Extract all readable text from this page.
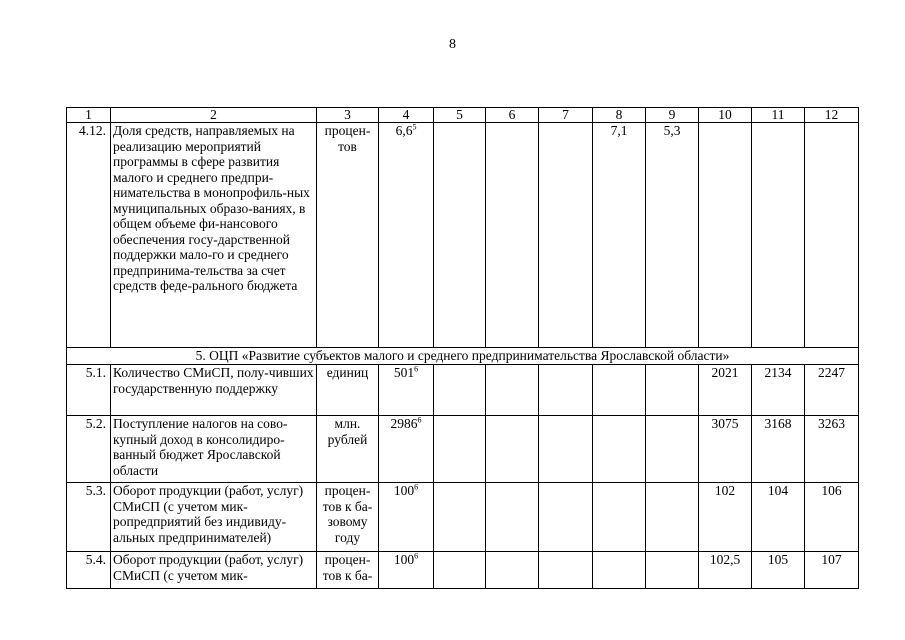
8
1	2	3	4	5	6	7	8	9	10	11	12
4.12.	Доля средств, направляемых на реализацию мероприятий программы в сфере развития малого и среднего предпри-нимательства в монопрофиль-ных муниципальных образо-ваниях, в общем объеме фи-нансового обеспечения госу-дарственной поддержки мало-го и среднего предпринима-тельства за счет средств феде-рального бюджета	процен-тов	$6,6^5$				7,1	5,3			
5. ОЦП «Развитие субъектов малого и среднего предпринимательства Ярославской области»											
5.1.	Количество СМиСП, полу-чивших государственную поддержку	единиц	$501^6$						2021	2134	2247
5.2.	Поступление налогов на сово-купный доход в консолидиро-ванный бюджет Ярославской области	млн. рублей	2986$^6$						3075	3168	3263
5.3.	Оборот продукции (работ, услуг) СМиСП (с учетом мик-ропредприятий без индивиду-альных предпринимателей)	процен-тов к ба-зовому году	$100^6$						102	104	106
5.4.	Оборот продукции (работ, услуг) СМиСП (с учетом мик-	процен-тов к ба-	$100^6$						102,5	105	107
